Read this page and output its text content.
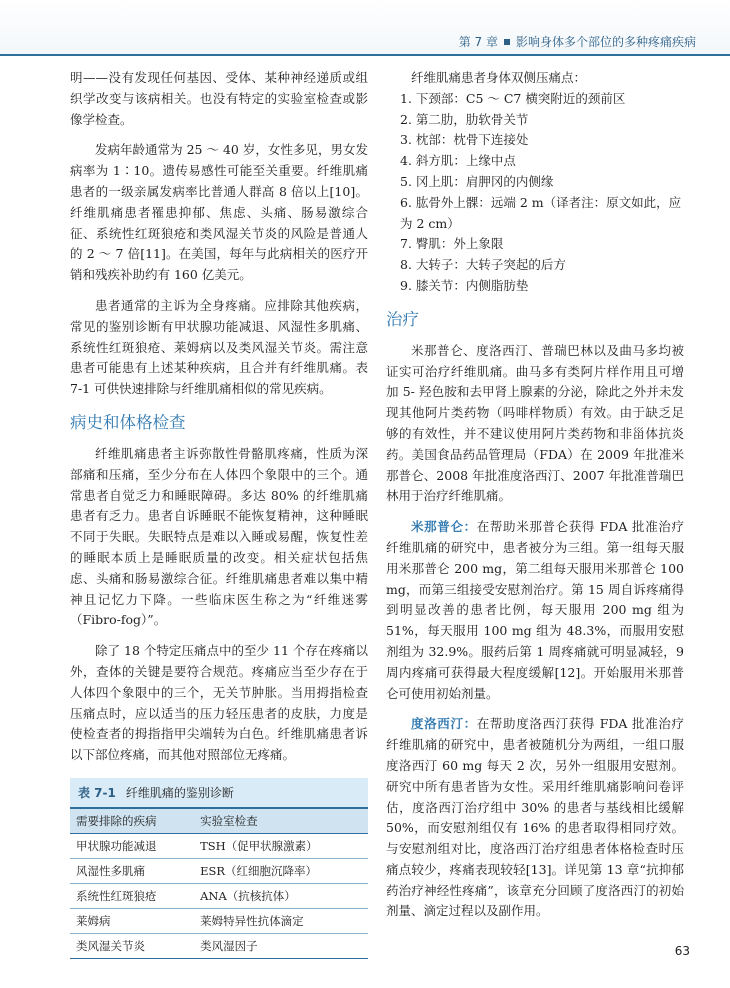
第 7 章 影响身体多个部位的多种疼痛疾病

明——没有发现任何基因、受体、某种神经递质或组织学改变与该病相关。也没有特定的实验室检查或影像学检查。

发病年龄通常为 25 ～ 40 岁，女性多见，男女发病率为 1∶10。遗传易感性可能至关重要。纤维肌痛患者的一级亲属发病率比普通人群高 8 倍以上[10]。纤维肌痛患者罹患抑郁、焦虑、头痛、肠易激综合征、系统性红斑狼疮和类风湿关节炎的风险是普通人的 2 ～ 7 倍[11]。在美国，每年与此病相关的医疗开销和残疾补助约有 160 亿美元。

患者通常的主诉为全身疼痛。应排除其他疾病，常见的鉴别诊断有甲状腺功能减退、风湿性多肌痛、系统性红斑狼疮、莱姆病以及类风湿关节炎。需注意患者可能患有上述某种疾病，且合并有纤维肌痛。表 7-1 可供快速排除与纤维肌痛相似的常见疾病。

病史和体格检查

纤维肌痛患者主诉弥散性骨骼肌疼痛，性质为深部痛和压痛，至少分布在人体四个象限中的三个。通常患者自觉乏力和睡眠障碍。多达 80% 的纤维肌痛患者有乏力。患者自诉睡眠不能恢复精神，这种睡眠不同于失眠。失眠特点是难以入睡或易醒，恢复性差的睡眠本质上是睡眠质量的改变。相关症状包括焦虑、头痛和肠易激综合征。纤维肌痛患者难以集中精神且记忆力下降。一些临床医生称之为“纤维迷雾（Fibro-fog）”。

除了 18 个特定压痛点中的至少 11 个存在疼痛以外，查体的关键是要符合规范。疼痛应当至少存在于人体四个象限中的三个，无关节肿胀。当用拇指检查压痛点时，应以适当的压力轻压患者的皮肤，力度是使检查者的拇指指甲尖端转为白色。纤维肌痛患者诉以下部位疼痛，而其他对照部位无疼痛。

表 7-1 纤维肌痛的鉴别诊断
需要排除的疾病	实验室检查
甲状腺功能减退	TSH（促甲状腺激素）
风湿性多肌痛	ESR（红细胞沉降率）
系统性红斑狼疮	ANA（抗核抗体）
莱姆病	莱姆特异性抗体滴定
类风湿关节炎	类风湿因子

纤维肌痛患者身体双侧压痛点：

1. 下颈部：C5 ～ C7 横突附近的颈前区
2. 第二肋，肋软骨关节
3. 枕部：枕骨下连接处
4. 斜方肌：上缘中点
5. 冈上肌：肩胛冈的内侧缘
6. 肱骨外上髁：远端 2 m（译者注：原文如此，应为 2 cm）
7. 臀肌：外上象限
8. 大转子：大转子突起的后方
9. 膝关节：内侧脂肪垫
治疗

米那普仑、度洛西汀、普瑞巴林以及曲马多均被证实可治疗纤维肌痛。曲马多有类阿片样作用且可增加 5- 羟色胺和去甲肾上腺素的分泌，除此之外并未发现其他阿片类药物（吗啡样物质）有效。由于缺乏足够的有效性，并不建议使用阿片类药物和非甾体抗炎药。美国食品药品管理局（FDA）在 2009 年批准米那普仑、2008 年批准度洛西汀、2007 年批准普瑞巴林用于治疗纤维肌痛。

米那普仑：在帮助米那普仑获得 FDA 批准治疗纤维肌痛的研究中，患者被分为三组。第一组每天服用米那普仑 200 mg，第二组每天服用米那普仑 100 mg，而第三组接受安慰剂治疗。第 15 周自诉疼痛得到明显改善的患者比例，每天服用 200 mg 组为 51%，每天服用 100 mg 组为 48.3%，而服用安慰剂组为 32.9%。服药后第 1 周疼痛就可明显减轻，9 周内疼痛可获得最大程度缓解[12]。开始服用米那普仑可使用初始剂量。

度洛西汀：在帮助度洛西汀获得 FDA 批准治疗纤维肌痛的研究中，患者被随机分为两组，一组口服度洛西汀 60 mg 每天 2 次，另外一组服用安慰剂。研究中所有患者皆为女性。采用纤维肌痛影响问卷评估，度洛西汀治疗组中 30% 的患者与基线相比缓解 50%，而安慰剂组仅有 16% 的患者取得相同疗效。与安慰剂组对比，度洛西汀治疗组患者体格检查时压痛点较少，疼痛表现较轻[13]。详见第 13 章“抗抑郁药治疗神经性疼痛”，该章充分回顾了度洛西汀的初始剂量、滴定过程以及副作用。

63
